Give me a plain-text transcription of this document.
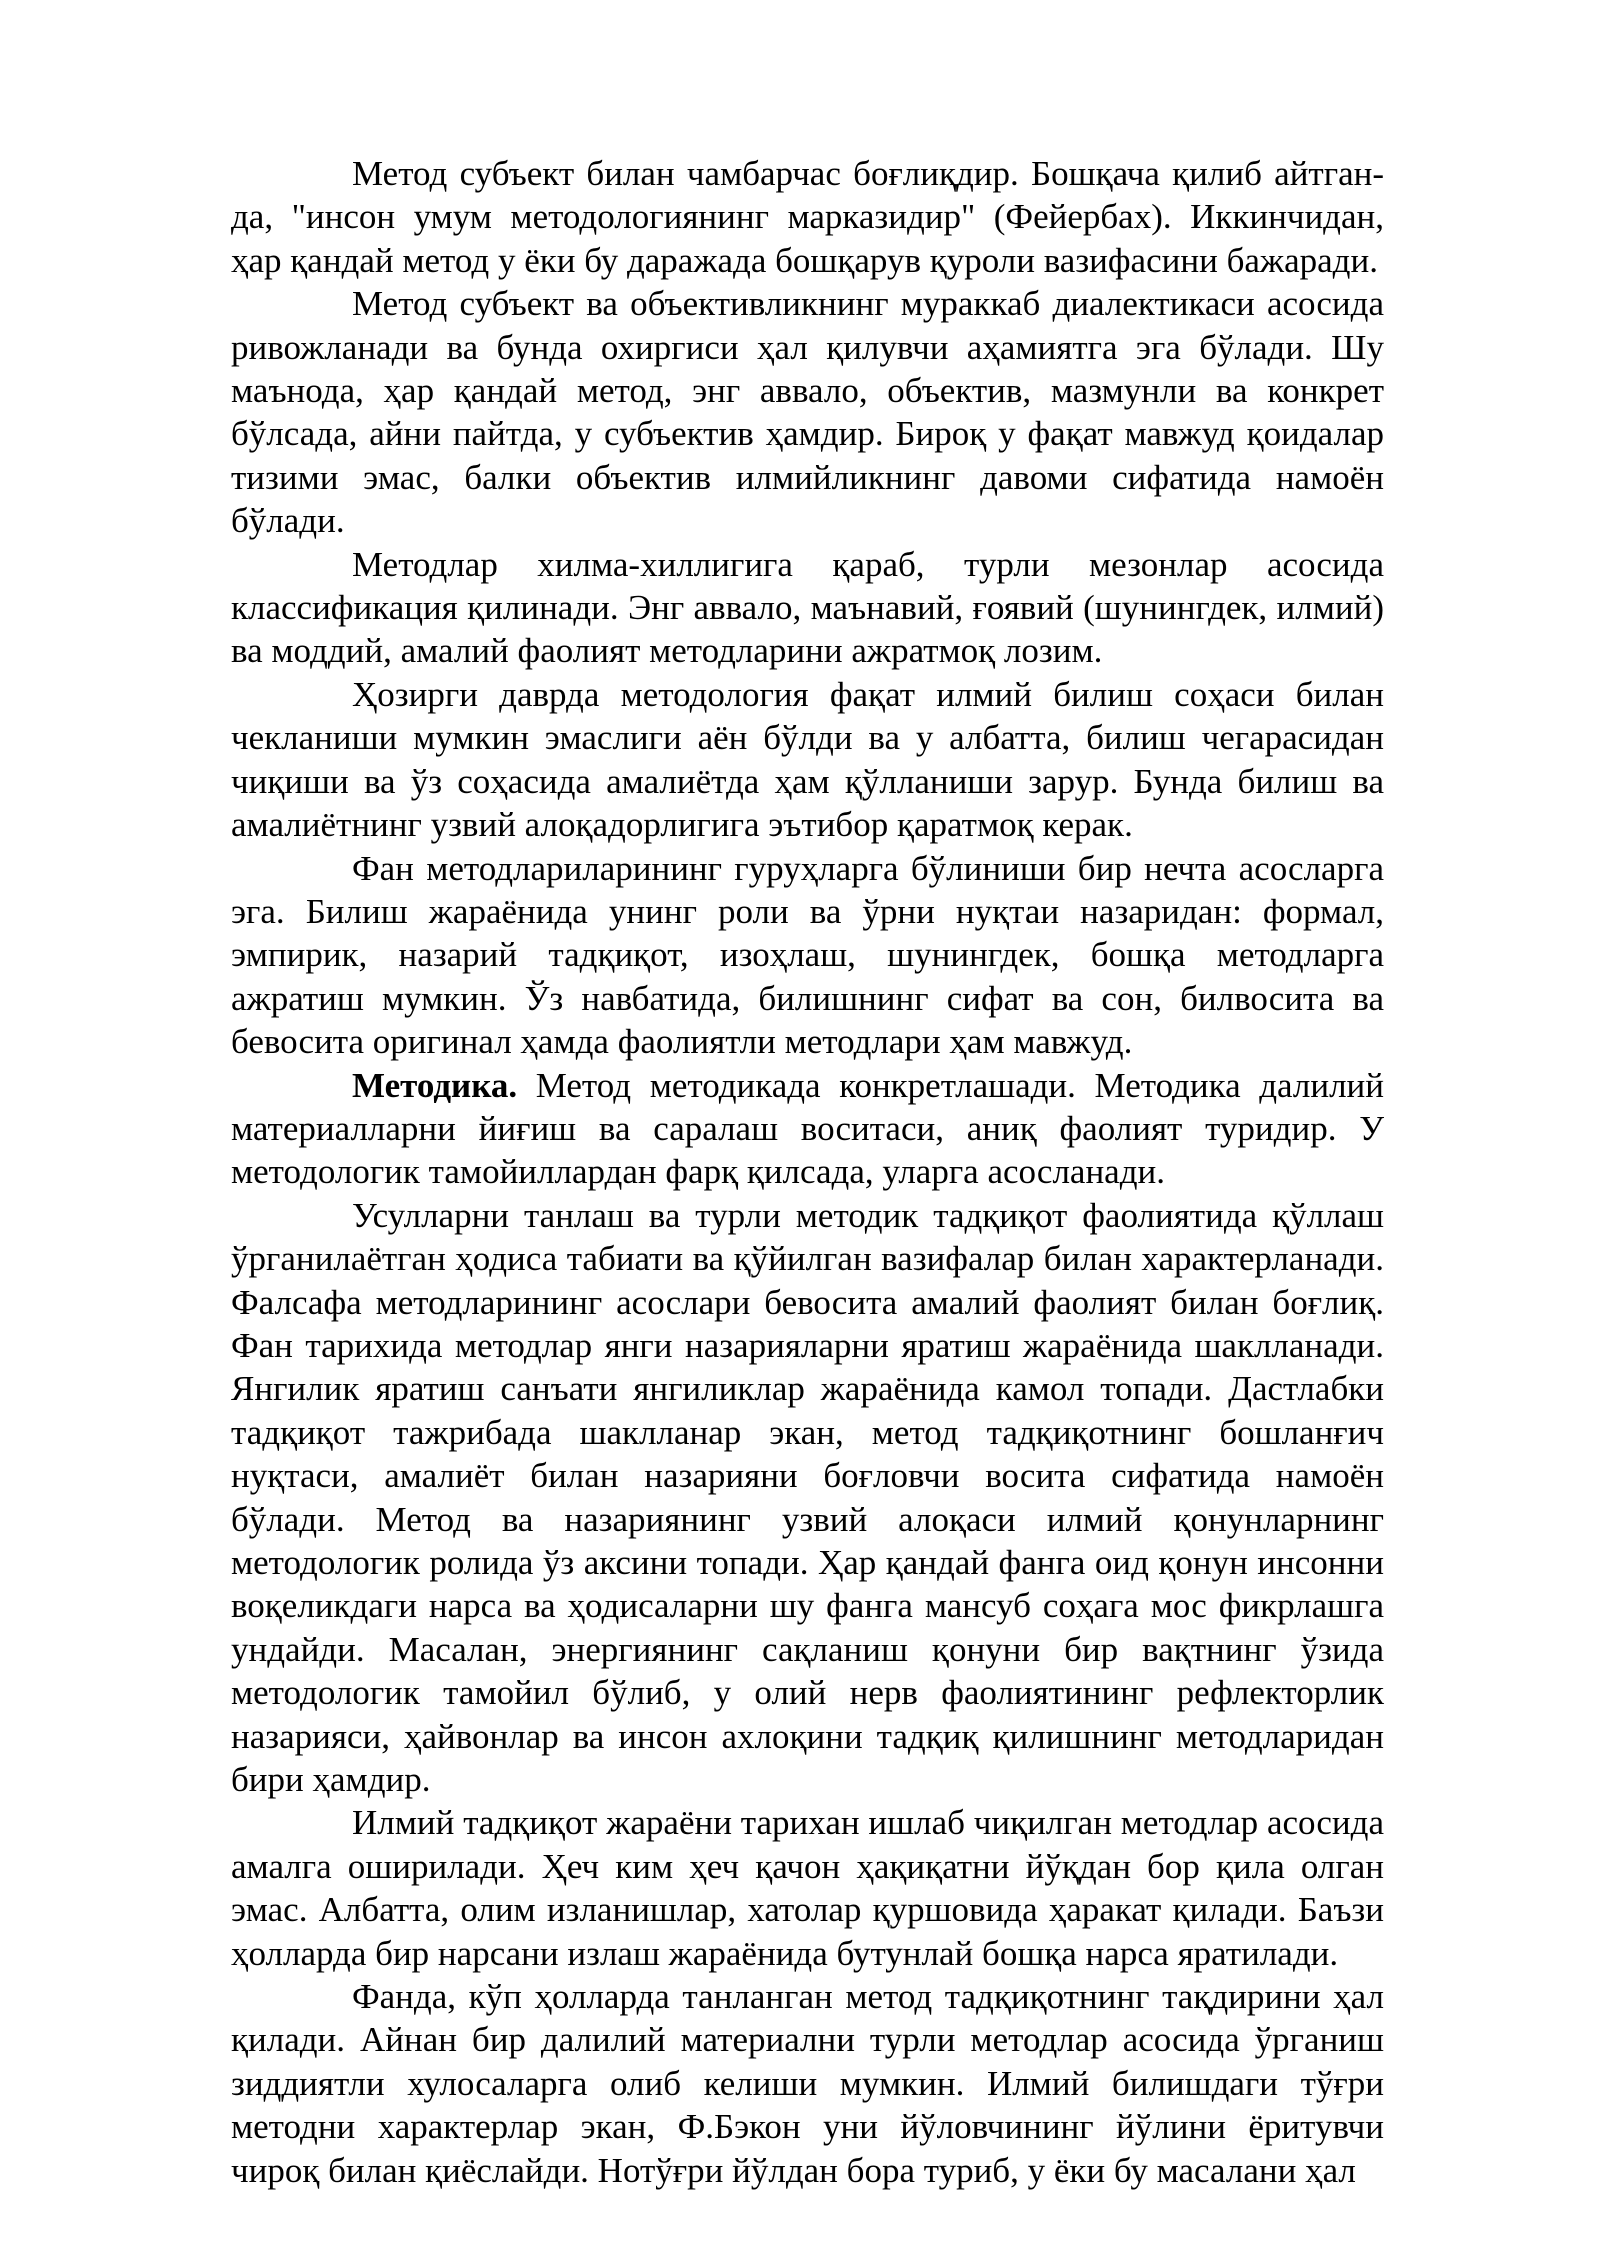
Метод субъект билан чамбарчас боғлиқдир. Бошқача қилиб айтган-да, "инсон умум методологиянинг марказидир" (Фейербах). Иккинчидан, ҳар қандай метод у ёки бу даражада бошқарув қуроли вазифасини бажаради.

Метод субъект ва объективликнинг мураккаб диалектикаси асосида ривожланади ва бунда охиргиси ҳал қилувчи аҳамиятга эга бўлади. Шу маънода, ҳар қандай метод, энг аввало, объектив, мазмунли ва конкрет бўлсада, айни пайтда, у субъектив ҳамдир. Бироқ у фақат мавжуд қоидалар тизими эмас, балки объектив илмийликнинг давоми сифатида намоён бўлади.

Методлар хилма-хиллигига қараб, турли мезонлар асосида классификация қилинади. Энг аввало, маънавий, ғоявий (шунингдек, илмий) ва моддий, амалий фаолият методларини ажратмоқ лозим.

Ҳозирги даврда методология фақат илмий билиш соҳаси билан чекланиши мумкин эмаслиги аён бўлди ва у албатта, билиш чегарасидан чиқиши ва ўз соҳасида амалиётда ҳам қўлланиши зарур. Бунда билиш ва амалиётнинг узвий алоқадорлигига эътибор қаратмоқ керак.

Фан методлариларининг гуруҳларга бўлиниши бир нечта асосларга эга. Билиш жараёнида унинг роли ва ўрни нуқтаи назаридан: формал, эмпирик, назарий тадқиқот, изоҳлаш, шунингдек, бошқа методларга ажратиш мумкин. Ўз навбатида, билишнинг сифат ва сон, билвосита ва бевосита оригинал ҳамда фаолиятли методлари ҳам мавжуд.

Методика. Метод методикада конкретлашади. Методика далилий материалларни йиғиш ва саралаш воситаси, аниқ фаолият туридир. У методологик тамойиллардан фарқ қилсада, уларга асосланади.

Усулларни танлаш ва турли методик тадқиқот фаолиятида қўллаш ўрганилаётган ҳодиса табиати ва қўйилган вазифалар билан характерланади. Фалсафа методларининг асослари бевосита амалий фаолият билан боғлиқ. Фан тарихида методлар янги назарияларни яратиш жараёнида шаклланади. Янгилик яратиш санъати янгиликлар жараёнида камол топади. Дастлабки тадқиқот тажрибада шаклланар экан, метод тадқиқотнинг бошланғич нуқтаси, амалиёт билан назарияни боғловчи восита сифатида намоён бўлади. Метод ва назариянинг узвий алоқаси илмий қонунларнинг методологик ролида ўз аксини топади. Ҳар қандай фанга оид қонун инсонни воқеликдаги нарса ва ҳодисаларни шу фанга мансуб соҳага мос фикрлашга ундайди. Масалан, энергиянинг сақланиш қонуни бир вақтнинг ўзида методологик тамойил бўлиб, у олий нерв фаолиятининг рефлекторлик назарияси, ҳайвонлар ва инсон ахлоқини тадқиқ қилишнинг методларидан бири ҳамдир.

Илмий тадқиқот жараёни тарихан ишлаб чиқилган методлар асосида амалга оширилади. Ҳеч ким ҳеч қачон ҳақиқатни йўқдан бор қила олган эмас. Албатта, олим изланишлар, хатолар қуршовида ҳаракат қилади. Баъзи ҳолларда бир нарсани излаш жараёнида бутунлай бошқа нарса яратилади.

Фанда, кўп ҳолларда танланган метод тадқиқотнинг тақдирини ҳал қилади. Айнан бир далилий материални турли методлар асосида ўрганиш зиддиятли хулосаларга олиб келиши мумкин. Илмий билишдаги тўғри методни характерлар экан, Ф.Бэкон уни йўловчининг йўлини ёритувчи чироқ билан қиёслайди. Нотўғри йўлдан бора туриб, у ёки бу масалани ҳал
